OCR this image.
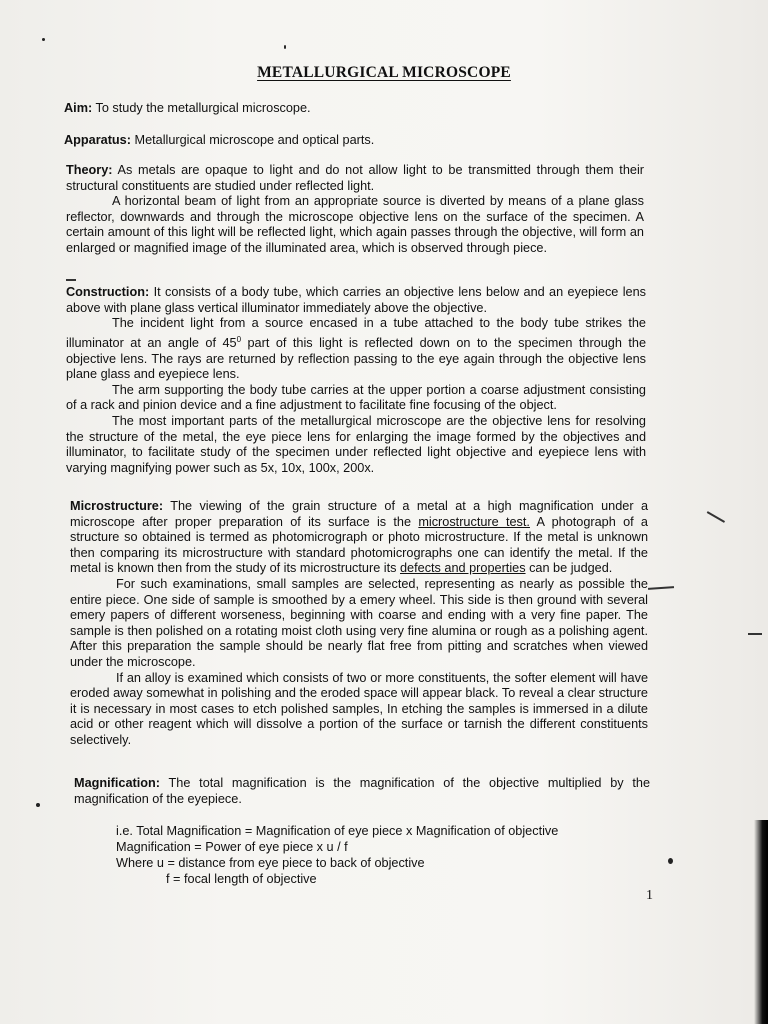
METALLURGICAL MICROSCOPE
Aim: To study the metallurgical microscope.
Apparatus: Metallurgical microscope and optical parts.

Theory: As metals are opaque to light and do not allow light to be transmitted through them their structural constituents are studied under reflected light.

A horizontal beam of light from an appropriate source is diverted by means of a plane glass reflector, downwards and through the microscope objective lens on the surface of the specimen. A certain amount of this light will be reflected light, which again passes through the objective, will form an enlarged or magnified image of the illuminated area, which is observed through piece.

Construction: It consists of a body tube, which carries an objective lens below and an eyepiece lens above with plane glass vertical illuminator immediately above the objective.

The incident light from a source encased in a tube attached to the body tube strikes the illuminator at an angle of $45^0$ part of this light is reflected down on to the specimen through the objective lens. The rays are returned by reflection passing to the eye again through the objective lens plane glass and eyepiece lens.

The arm supporting the body tube carries at the upper portion a coarse adjustment consisting of a rack and pinion device and a fine adjustment to facilitate fine focusing of the object.

The most important parts of the metallurgical microscope are the objective lens for resolving the structure of the metal, the eye piece lens for enlarging the image formed by the objectives and illuminator, to facilitate study of the specimen under reflected light objective and eyepiece lens with varying magnifying power such as 5x, 10x, 100x, 200x.

Microstructure: The viewing of the grain structure of a metal at a high magnification under a microscope after proper preparation of its surface is the microstructure test. A photograph of a structure so obtained is termed as photomicrograph or photo microstructure. If the metal is unknown then comparing its microstructure with standard photomicrographs one can identify the metal. If the metal is known then from the study of its microstructure its defects and properties can be judged.

For such examinations, small samples are selected, representing as nearly as possible the entire piece. One side of sample is smoothed by a emery wheel. This side is then ground with several emery papers of different worseness, beginning with coarse and ending with a very fine paper. The sample is then polished on a rotating moist cloth using very fine alumina or rough as a polishing agent. After this preparation the sample should be nearly flat free from pitting and scratches when viewed under the microscope.

If an alloy is examined which consists of two or more constituents, the softer element will have eroded away somewhat in polishing and the eroded space will appear black. To reveal a clear structure it is necessary in most cases to etch polished samples, In etching the samples is immersed in a dilute acid or other reagent which will dissolve a portion of the surface or tarnish the different constituents selectively.

Magnification: The total magnification is the magnification of the objective multiplied by the magnification of the eyepiece.
i.e. Total Magnification = Magnification of eye piece x Magnification of objective
Magnification = Power of eye piece x u / f
Where u = distance from eye piece to back of objective
f = focal length of objective
1
